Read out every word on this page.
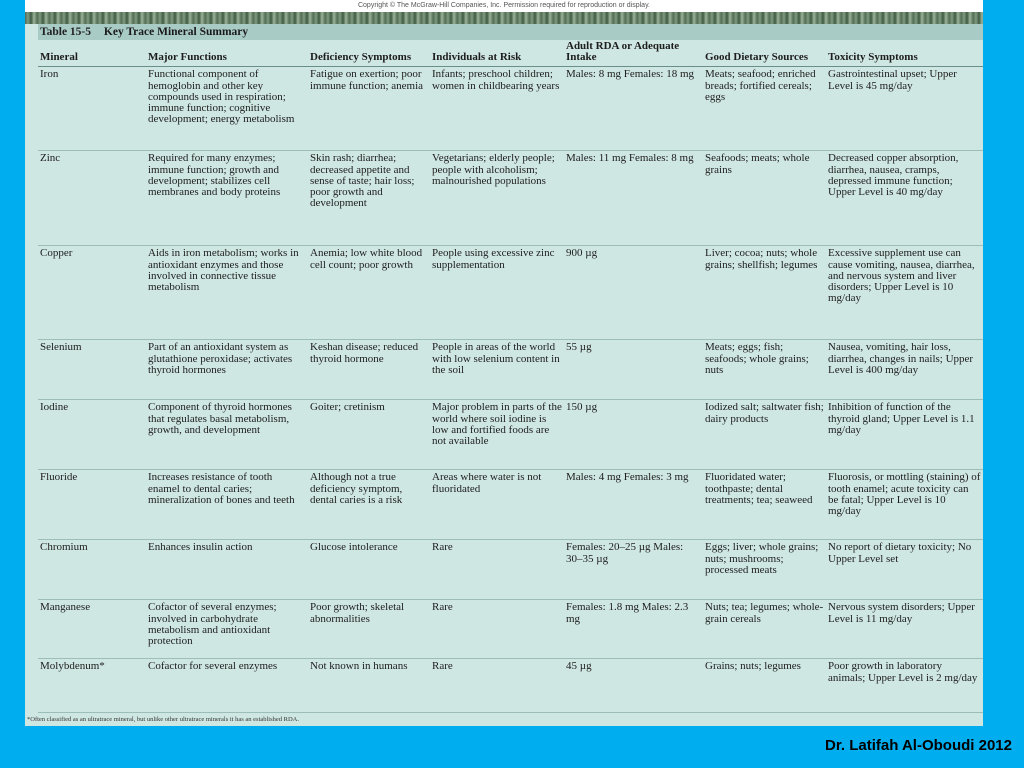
Copyright © The McGraw-Hill Companies, Inc. Permission required for reproduction or display.
Table 15-5 Key Trace Mineral Summary
Mineral	Major Functions	Deficiency Symptoms	Individuals at Risk	Adult RDA or Adequate Intake	Good Dietary Sources	Toxicity Symptoms
Iron	Functional component of hemoglobin and other key compounds used in respiration; immune function; cognitive development; energy metabolism	Fatigue on exertion; poor immune function; anemia	Infants; preschool children; women in childbearing years	Males: 8 mg Females: 18 mg	Meats; seafood; enriched breads; fortified cereals; eggs	Gastrointestinal upset; Upper Level is 45 mg/day
Zinc	Required for many enzymes; immune function; growth and development; stabilizes cell membranes and body proteins	Skin rash; diarrhea; decreased appetite and sense of taste; hair loss; poor growth and development	Vegetarians; elderly people; people with alcoholism; malnourished populations	Males: 11 mg Females: 8 mg	Seafoods; meats; whole grains	Decreased copper absorption, diarrhea, nausea, cramps, depressed immune function; Upper Level is 40 mg/day
Copper	Aids in iron metabolism; works in antioxidant enzymes and those involved in connective tissue metabolism	Anemia; low white blood cell count; poor growth	People using excessive zinc supplementation	900 µg	Liver; cocoa; nuts; whole grains; shellfish; legumes	Excessive supplement use can cause vomiting, nausea, diarrhea, and nervous system and liver disorders; Upper Level is 10 mg/day
Selenium	Part of an antioxidant system as glutathione peroxidase; activates thyroid hormones	Keshan disease; reduced thyroid hormone	People in areas of the world with low selenium content in the soil	55 µg	Meats; eggs; fish; seafoods; whole grains; nuts	Nausea, vomiting, hair loss, diarrhea, changes in nails; Upper Level is 400 mg/day
Iodine	Component of thyroid hormones that regulates basal metabolism, growth, and development	Goiter; cretinism	Major problem in parts of the world where soil iodine is low and fortified foods are not available	150 µg	Iodized salt; saltwater fish; dairy products	Inhibition of function of the thyroid gland; Upper Level is 1.1 mg/day
Fluoride	Increases resistance of tooth enamel to dental caries; mineralization of bones and teeth	Although not a true deficiency symptom, dental caries is a risk	Areas where water is not fluoridated	Males: 4 mg Females: 3 mg	Fluoridated water; toothpaste; dental treatments; tea; seaweed	Fluorosis, or mottling (staining) of tooth enamel; acute toxicity can be fatal; Upper Level is 10 mg/day
Chromium	Enhances insulin action	Glucose intolerance	Rare	Females: 20–25 µg Males: 30–35 µg	Eggs; liver; whole grains; nuts; mushrooms; processed meats	No report of dietary toxicity; No Upper Level set
Manganese	Cofactor of several enzymes; involved in carbohydrate metabolism and antioxidant protection	Poor growth; skeletal abnormalities	Rare	Females: 1.8 mg Males: 2.3 mg	Nuts; tea; legumes; whole-grain cereals	Nervous system disorders; Upper Level is 11 mg/day
Molybdenum*	Cofactor for several enzymes	Not known in humans	Rare	45 µg	Grains; nuts; legumes	Poor growth in laboratory animals; Upper Level is 2 mg/day
*Often classified as an ultratrace mineral, but unlike other ultratrace minerals it has an established RDA.
Dr. Latifah Al-Oboudi 2012
